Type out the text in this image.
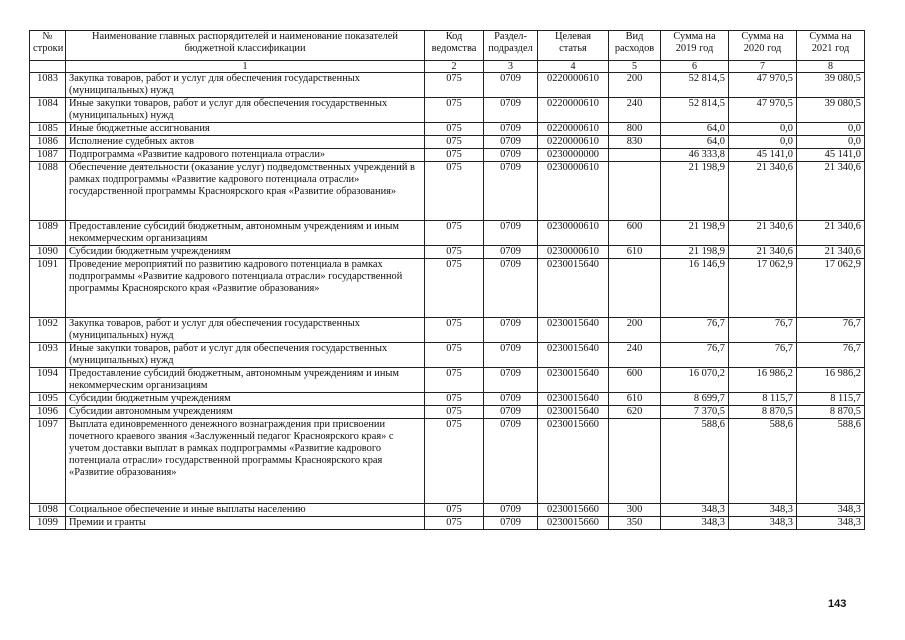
№ строки	Наименование главных распорядителей и наименование показателей бюджетной классификации	Код ведомства	Раздел-подраздел	Целевая статья	Вид расходов	Сумма на 2019 год	Сумма на 2020 год	Сумма на 2021 год
	1	2	3	4	5	6	7	8
1083	Закупка товаров, работ и услуг для обеспечения государственных (муниципальных) нужд	075	0709	0220000610	200	52 814,5	47 970,5	39 080,5
1084	Иные закупки товаров, работ и услуг для обеспечения государственных (муниципальных) нужд	075	0709	0220000610	240	52 814,5	47 970,5	39 080,5
1085	Иные бюджетные ассигнования	075	0709	0220000610	800	64,0	0,0	0,0
1086	Исполнение судебных актов	075	0709	0220000610	830	64,0	0,0	0,0
1087	Подпрограмма «Развитие кадрового потенциала отрасли»	075	0709	0230000000		46 333,8	45 141,0	45 141,0
1088	Обеспечение деятельности (оказание услуг) подведомственных учреждений в рамках подпрограммы «Развитие кадрового потенциала отрасли» государственной программы Красноярского края «Развитие образования»	075	0709	0230000610		21 198,9	21 340,6	21 340,6
1089	Предоставление субсидий бюджетным, автономным учреждениям и иным некоммерческим организациям	075	0709	0230000610	600	21 198,9	21 340,6	21 340,6
1090	Субсидии бюджетным учреждениям	075	0709	0230000610	610	21 198,9	21 340,6	21 340,6
1091	Проведение мероприятий по развитию кадрового потенциала в рамках подпрограммы «Развитие кадрового потенциала отрасли» государственной программы Красноярского края «Развитие образования»	075	0709	0230015640		16 146,9	17 062,9	17 062,9
1092	Закупка товаров, работ и услуг для обеспечения государственных (муниципальных) нужд	075	0709	0230015640	200	76,7	76,7	76,7
1093	Иные закупки товаров, работ и услуг для обеспечения государственных (муниципальных) нужд	075	0709	0230015640	240	76,7	76,7	76,7
1094	Предоставление субсидий бюджетным, автономным учреждениям и иным некоммерческим организациям	075	0709	0230015640	600	16 070,2	16 986,2	16 986,2
1095	Субсидии бюджетным учреждениям	075	0709	0230015640	610	8 699,7	8 115,7	8 115,7
1096	Субсидии автономным учреждениям	075	0709	0230015640	620	7 370,5	8 870,5	8 870,5
1097	Выплата единовременного денежного вознаграждения при присвоении почетного краевого звания «Заслуженный педагог Красноярского края» с учетом доставки выплат в рамках подпрограммы «Развитие кадрового потенциала отрасли» государственной программы Красноярского края «Развитие образования»	075	0709	0230015660		588,6	588,6	588,6
1098	Социальное обеспечение и иные выплаты населению	075	0709	0230015660	300	348,3	348,3	348,3
1099	Премии и гранты	075	0709	0230015660	350	348,3	348,3	348,3
143
